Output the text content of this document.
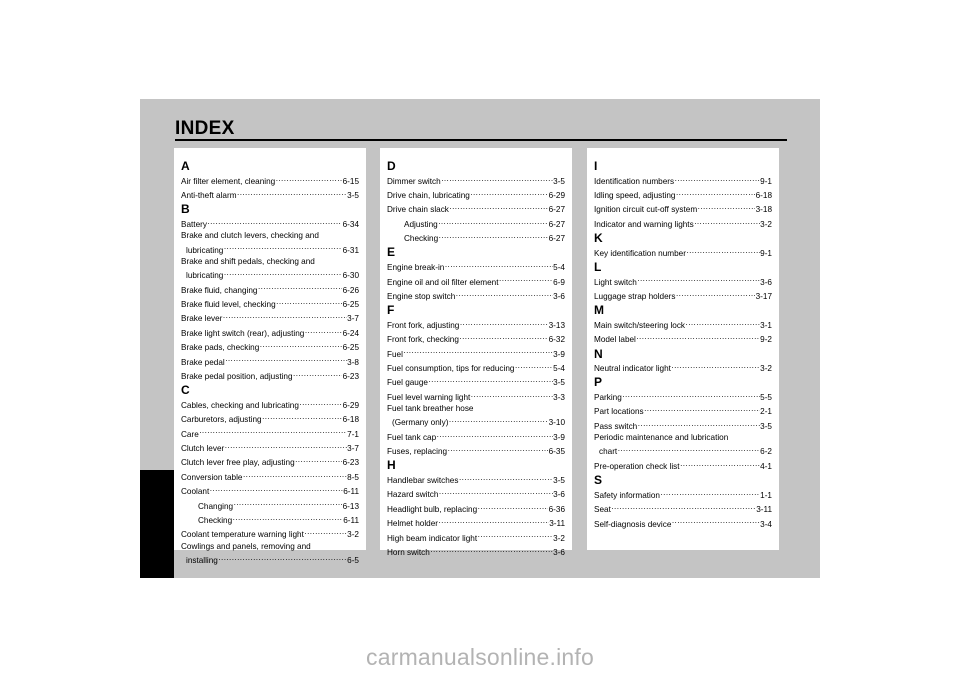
INDEX
A
Air filter element, cleaning .....	6-15
Anti-theft alarm .....	3-5
B
Battery .....	6-34
Brake and clutch levers, checking and
lubricating .....	6-31
Brake and shift pedals, checking and
lubricating .....	6-30
Brake fluid, changing .....	6-26
Brake fluid level, checking .....	6-25
Brake lever .....	3-7
Brake light switch (rear), adjusting .....	6-24
Brake pads, checking .....	6-25
Brake pedal .....	3-8
Brake pedal position, adjusting .....	6-23
C
Cables, checking and lubricating .....	6-29
Carburetors, adjusting .....	6-18
Care .....	7-1
Clutch lever .....	3-7
Clutch lever free play, adjusting .....	6-23
Conversion table .....	8-5
Coolant .....	6-11
Changing .....	6-13
Checking .....	6-11
Coolant temperature warning light .....	3-2
Cowlings and panels, removing and
installing .....	6-5
D
Dimmer switch .....	3-5
Drive chain, lubricating .....	6-29
Drive chain slack .....	6-27
Adjusting .....	6-27
Checking .....	6-27
E
Engine break-in .....	5-4
Engine oil and oil filter element .....	6-9
Engine stop switch .....	3-6
F
Front fork, adjusting .....	3-13
Front fork, checking .....	6-32
Fuel .....	3-9
Fuel consumption, tips for reducing .....	5-4
Fuel gauge .....	3-5
Fuel level warning light .....	3-3
Fuel tank breather hose
(Germany only) .....	3-10
Fuel tank cap .....	3-9
Fuses, replacing .....	6-35
H
Handlebar switches .....	3-5
Hazard switch .....	3-6
Headlight bulb, replacing .....	6-36
Helmet holder .....	3-11
High beam indicator light .....	3-2
Horn switch .....	3-6
I
Identification numbers .....	9-1
Idling speed, adjusting .....	6-18
Ignition circuit cut-off system .....	3-18
Indicator and warning lights .....	3-2
K
Key identification number .....	9-1
L
Light switch .....	3-6
Luggage strap holders .....	3-17
M
Main switch/steering lock .....	3-1
Model label .....	9-2
N
Neutral indicator light .....	3-2
P
Parking .....	5-5
Part locations .....	2-1
Pass switch .....	3-5
Periodic maintenance and lubrication
chart .....	6-2
Pre-operation check list .....	4-1
S
Safety information .....	1-1
Seat .....	3-11
Self-diagnosis device .....	3-4
carmanualsonline.info
